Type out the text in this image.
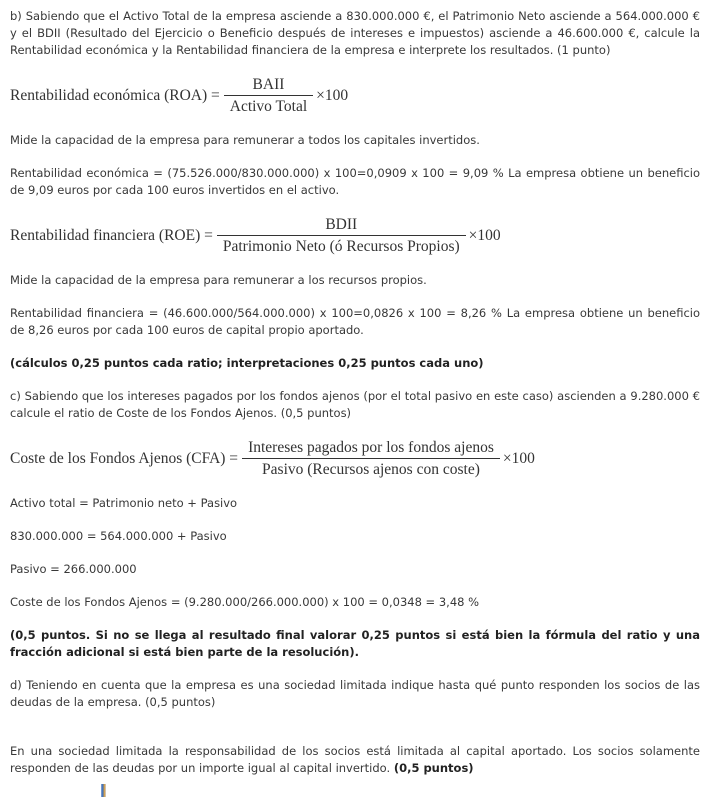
b) Sabiendo que el Activo Total de la empresa asciende a 830.000.000 €, el Patrimonio Neto asciende a 564.000.000 € y el BDII (Resultado del Ejercicio o Beneficio después de intereses e impuestos) asciende a 46.600.000 €, calcule la Rentabilidad económica y la Rentabilidad financiera de la empresa e interprete los resultados. (1 punto)

Rentabilidad económica $(ROA) = \frac{\text{BAII}}{\text{Activo Total}} \times 100$

Mide la capacidad de la empresa para remunerar a todos los capitales invertidos.

Rentabilidad económica = (75.526.000/830.000.000) x 100=0,0909 x 100 = 9,09 % La empresa obtiene un beneficio de 9,09 euros por cada 100 euros invertidos en el activo.

Rentabilidad financiera $(ROE) = \frac{\text{BDII}}{\text{Patrimonio Neto (ó Recursos Propios)}} \times 100$

Mide la capacidad de la empresa para remunerar a los recursos propios.

Rentabilidad financiera = (46.600.000/564.000.000) x 100=0,0826 x 100 = 8,26 % La empresa obtiene un beneficio de 8,26 euros por cada 100 euros de capital propio aportado.

(cálculos 0,25 puntos cada ratio; interpretaciones 0,25 puntos cada uno)

c) Sabiendo que los intereses pagados por los fondos ajenos (por el total pasivo en este caso) ascienden a 9.280.000 € calcule el ratio de Coste de los Fondos Ajenos. (0,5 puntos)

Coste de los Fondos Ajenos $(CFA) = \frac{\text{Intereses pagados por los fondos ajenos}}{\text{Pasivo (Recursos ajenos con coste)}} \times 100$

Activo total = Patrimonio neto + Pasivo

830.000.000 = 564.000.000 + Pasivo

Pasivo = 266.000.000

Coste de los Fondos Ajenos = (9.280.000/266.000.000) x 100 = 0,0348 = 3,48 %

(0,5 puntos. Si no se llega al resultado final valorar 0,25 puntos si está bien la fórmula del ratio y una fracción adicional si está bien parte de la resolución).

d) Teniendo en cuenta que la empresa es una sociedad limitada indique hasta qué punto responden los socios de las deudas de la empresa. (0,5 puntos)

En una sociedad limitada la responsabilidad de los socios está limitada al capital aportado. Los socios solamente responden de las deudas por un importe igual al capital invertido. (0,5 puntos)
